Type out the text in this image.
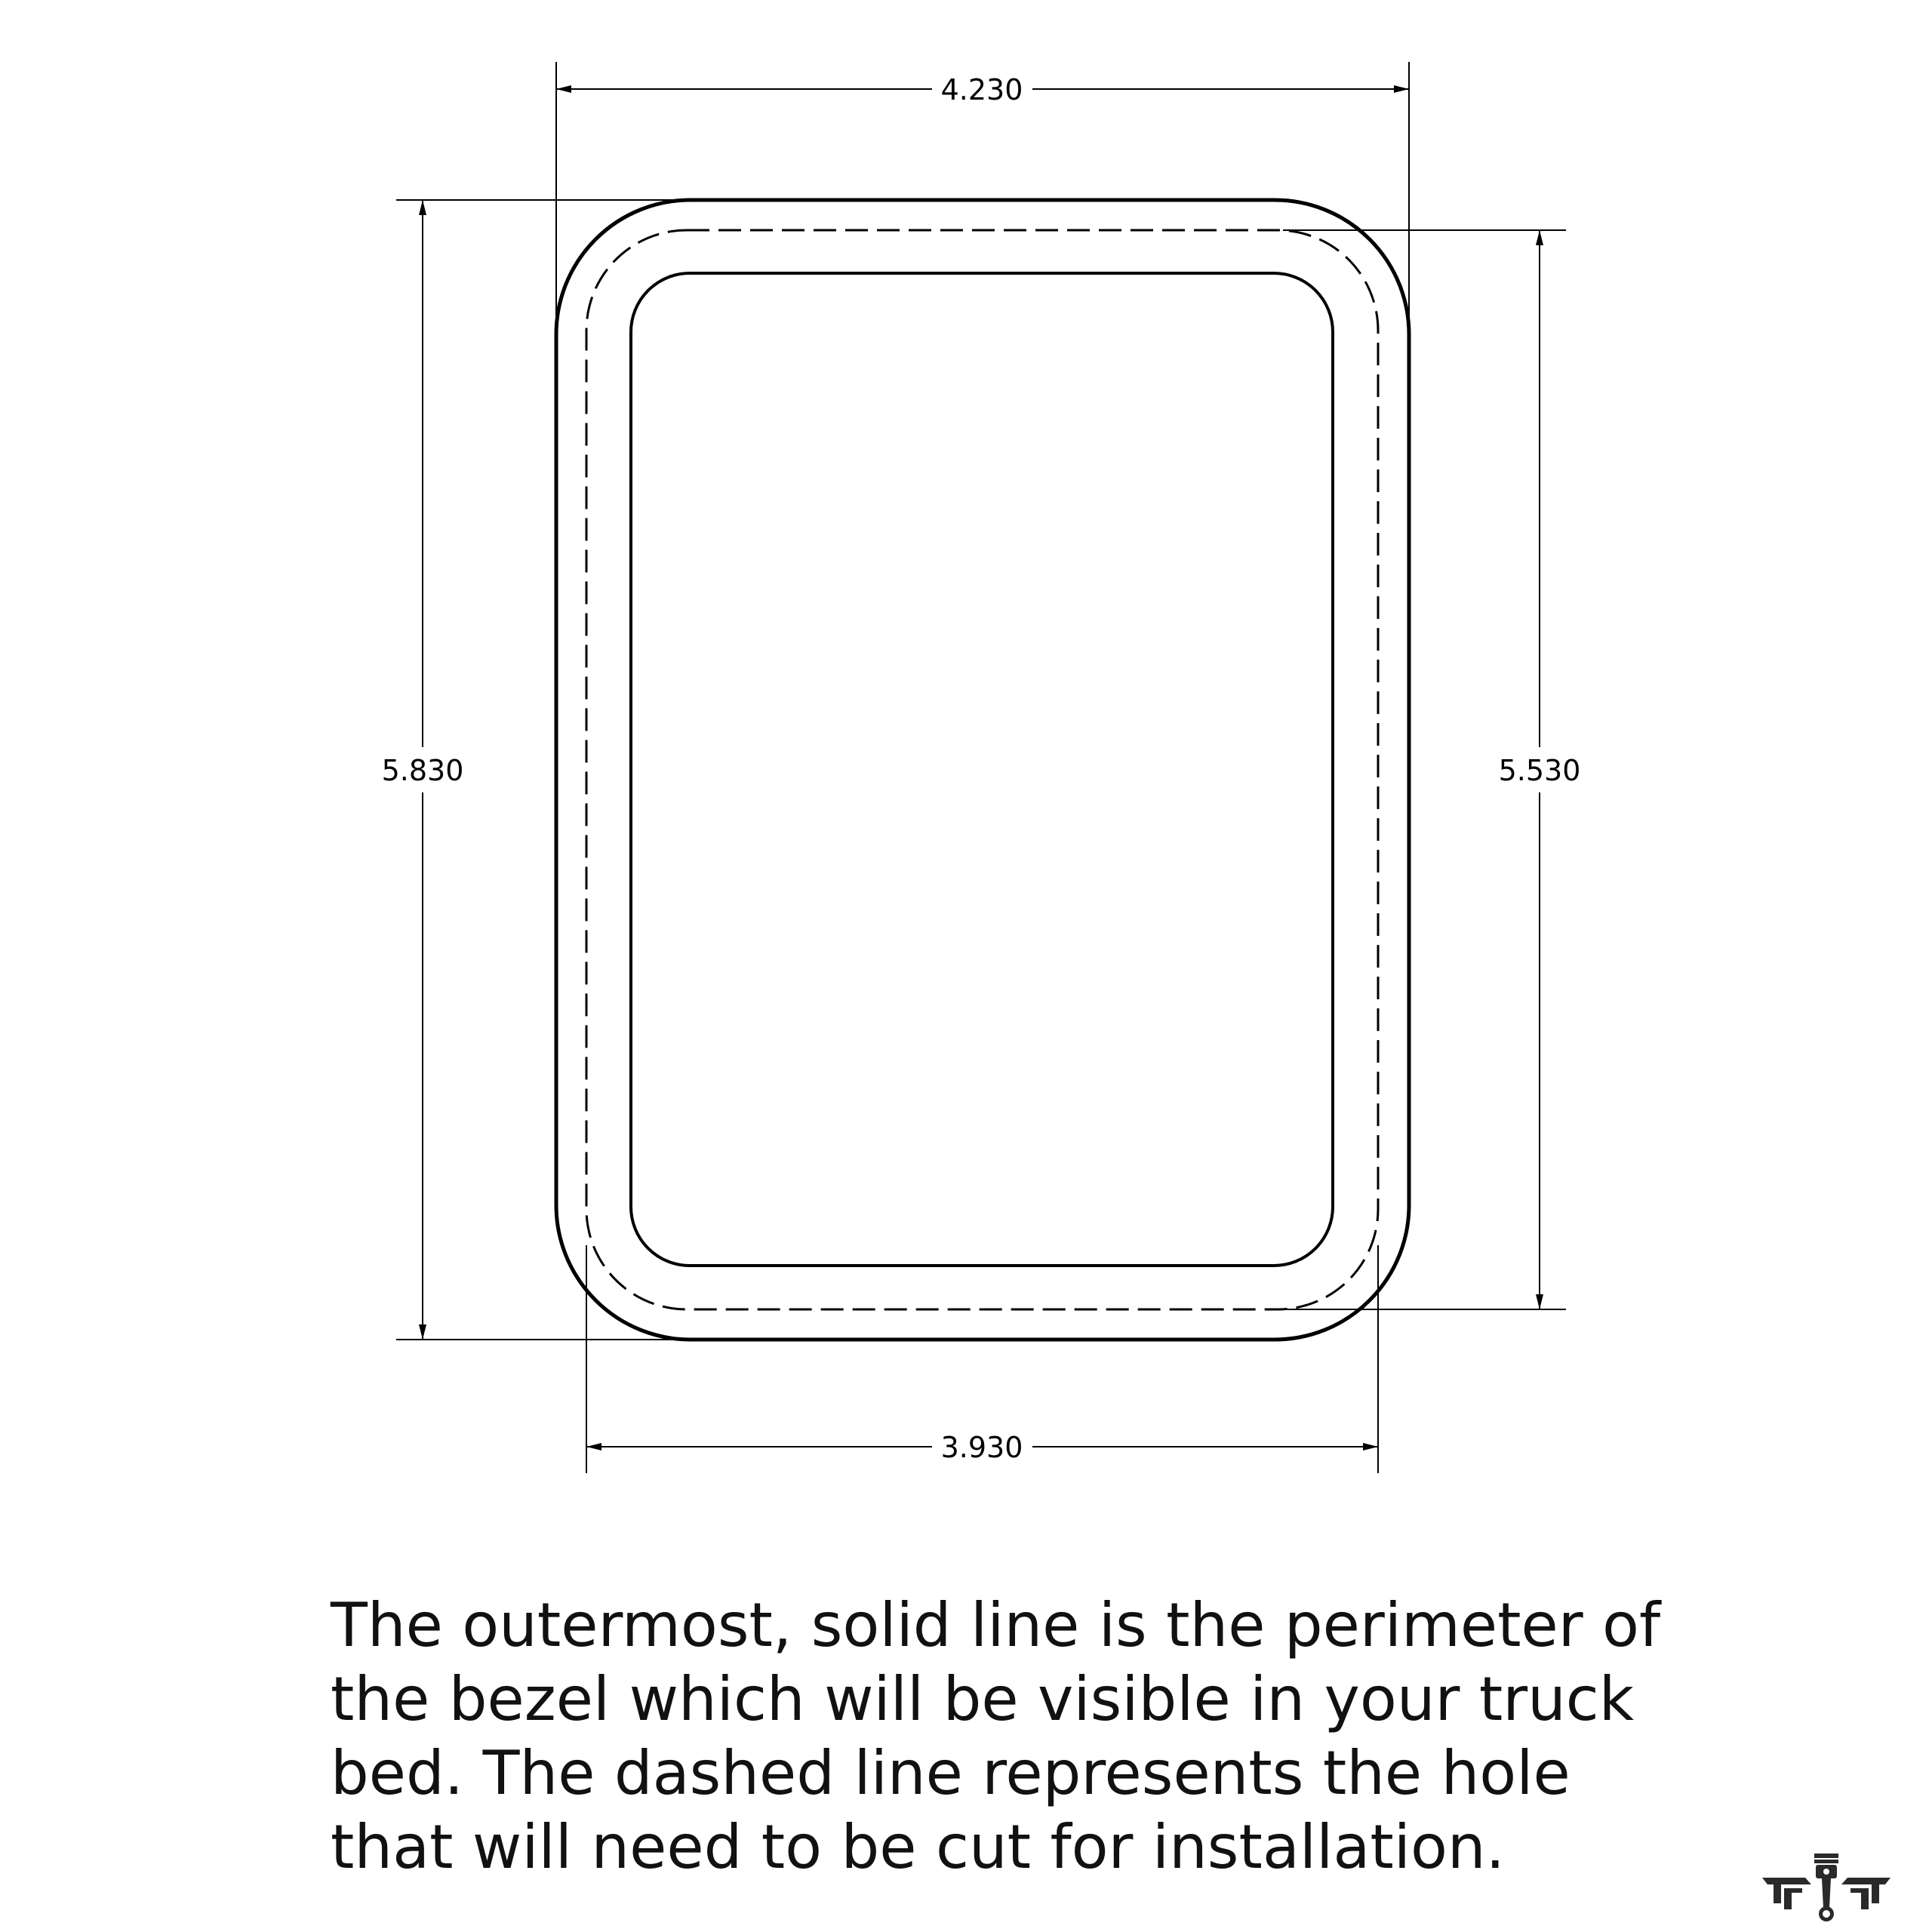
4.230
3.930
5.830	5.530

The outermost, solid line is the perimeter of
the bezel which will be visible in your truck
bed. The dashed line represents the hole
that will need to be cut for installation.
